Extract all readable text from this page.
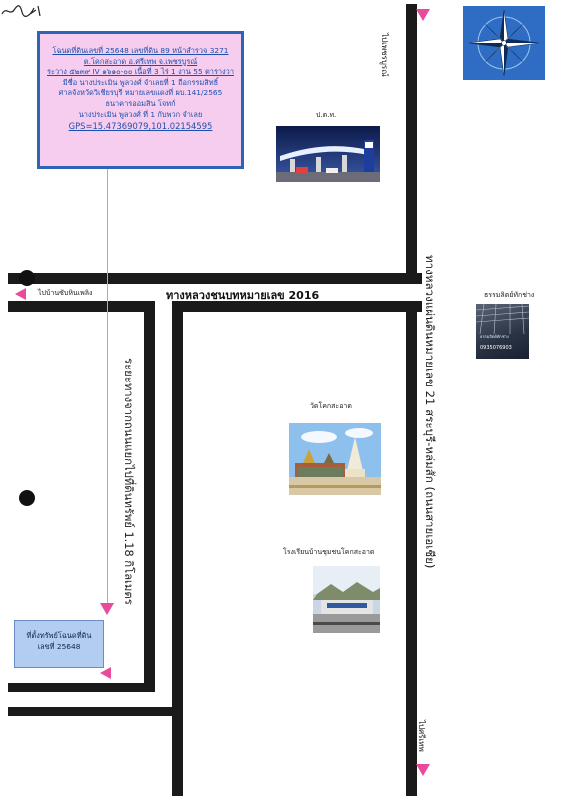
โฉนดที่ดินเลขที่ 25648 เลขที่ดิน 89 หน้าสำรวจ 3271
ต.โคกสะอาด อ.ศรีเทพ จ.เพชรบูรณ์
ระวาง ๕๒๓๙ IV ๑๖๑๐-๐๐ เนื้อที่ 3 ไร่ 1 งาน 55 ตารางวา
มีชื่อ นางประเมิน พูลวงศ์ จำเลยที่ 1 ถือกรรมสิทธิ์
ศาลจังหวัดวิเชียรบุรี หมายเลขแดงที่ ผบ.141/2565
ธนาคารออมสิน โจทก์
นางประเมิน พูลวงศ์ ที่ 1 กับพวก จำเลย
GPS=15.47369079,101.02154595
ป.ต.ท.
ธรรมลิตย์ทักช่าง
ธรรมลิตย์ทักช่าง
0935076903
วัดโคกสะอาด
โรงเรียนบ้านชุมชนโคกสะอาด
ไปบ้านซับหินเพลิง	ทางหลวงชนบทหมายเลข 2016
ไปเพชรบูรณ์
ไปศรีเทพ
ทางหลวงแผ่นดินหมายเลข 21 สระบุรี-หล่มสัก (ถนนสายเอเชีย)
ระยะทางจากถนนแยกไปที่ดินทรัพย์ 1.18 กิโลเมตร
ที่ตั้งทรัพย์โฉนดที่ดิน
เลขที่ 25648
